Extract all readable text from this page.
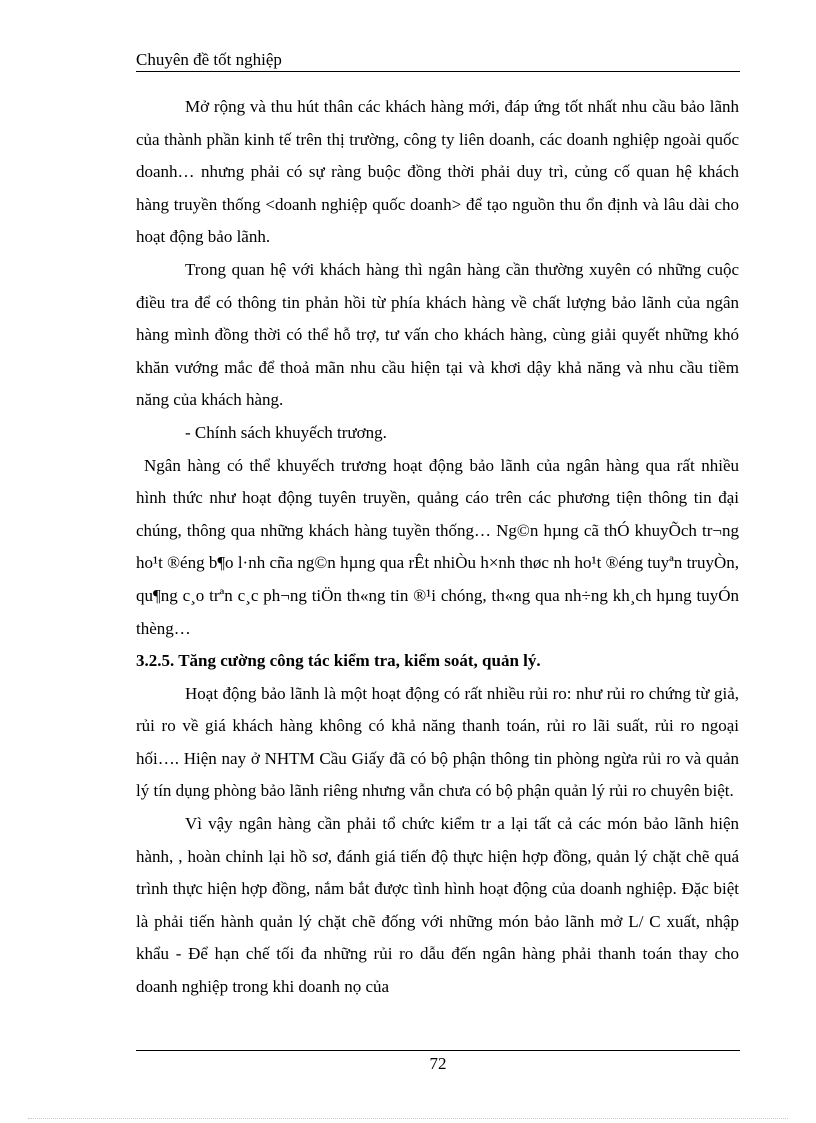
Chuyên đề tốt nghiệp

Mở rộng và thu hút thân các khách hàng mới, đáp ứng tốt nhất nhu cầu bảo lãnh của thành phần kinh tế trên thị trường, công ty liên doanh, các doanh nghiệp ngoài quốc doanh… nhưng phải có sự ràng buộc đồng thời phải duy trì, củng cố quan hệ khách hàng truyền thống <doanh nghiệp quốc doanh> để tạo nguồn thu ổn định và lâu dài cho hoạt động bảo lãnh.

Trong quan hệ với khách hàng thì ngân hàng cần thường xuyên có những cuộc điều tra để có thông tin phản hồi từ phía khách hàng về chất lượng bảo lãnh của ngân hàng mình đồng thời có thể hỗ trợ, tư vấn cho khách hàng, cùng giải quyết những khó khăn vướng mắc để thoả mãn nhu cầu hiện tại và khơi dậy khả năng và nhu cầu tiềm năng của khách hàng.

- Chính sách khuyếch trương.

Ngân hàng có thể khuyếch trương hoạt động bảo lãnh của ngân hàng qua rất nhiều hình thức như hoạt động tuyên truyền, quảng cáo trên các phương tiện thông tin đại chúng, thông qua những khách hàng tuyền thống… Ng©n hµng cã thÓ khuyÕch tr¬ng ho¹t ®éng b¶o l·nh cña ng©n hµng qua rÊt nhiÒu h×nh thøc nh ho¹t ®éng tuyªn truyÒn, qu¶ng c¸o trªn c¸c ph¬ng tiÖn th«ng tin ®¹i chóng, th«ng qua nh÷ng kh¸ch hµng tuyÓn thèng…

3.2.5. Tăng cường công tác kiểm tra, kiểm soát, quản lý.

Hoạt động bảo lãnh là một hoạt động có rất nhiều rủi ro: như rủi ro chứng từ giả, rủi ro về giá khách hàng không có khả năng thanh toán, rủi ro lãi suất, rủi ro ngoại hối…. Hiện nay ở NHTM Cầu Giấy đã có bộ phận thông tin phòng ngừa rủi ro và quản lý tín dụng phòng bảo lãnh riêng nhưng vẫn chưa có bộ phận quản lý rủi ro chuyên biệt.

Vì vậy ngân hàng cần phải tổ chức kiểm tr a lại tất cả các món bảo lãnh hiện hành, , hoàn chỉnh lại hồ sơ, đánh giá tiến độ thực hiện hợp đồng, quản lý chặt chẽ quá trình thực hiện hợp đồng, nắm bắt được tình hình hoạt động của doanh nghiệp. Đặc biệt là phải tiến hành quản lý chặt chẽ đống với những món bảo lãnh mở L/ C xuất, nhập khẩu - Để hạn chế tối đa những rủi ro dẫu đến ngân hàng phải thanh toán thay cho doanh nghiệp trong khi doanh nọ của

72
